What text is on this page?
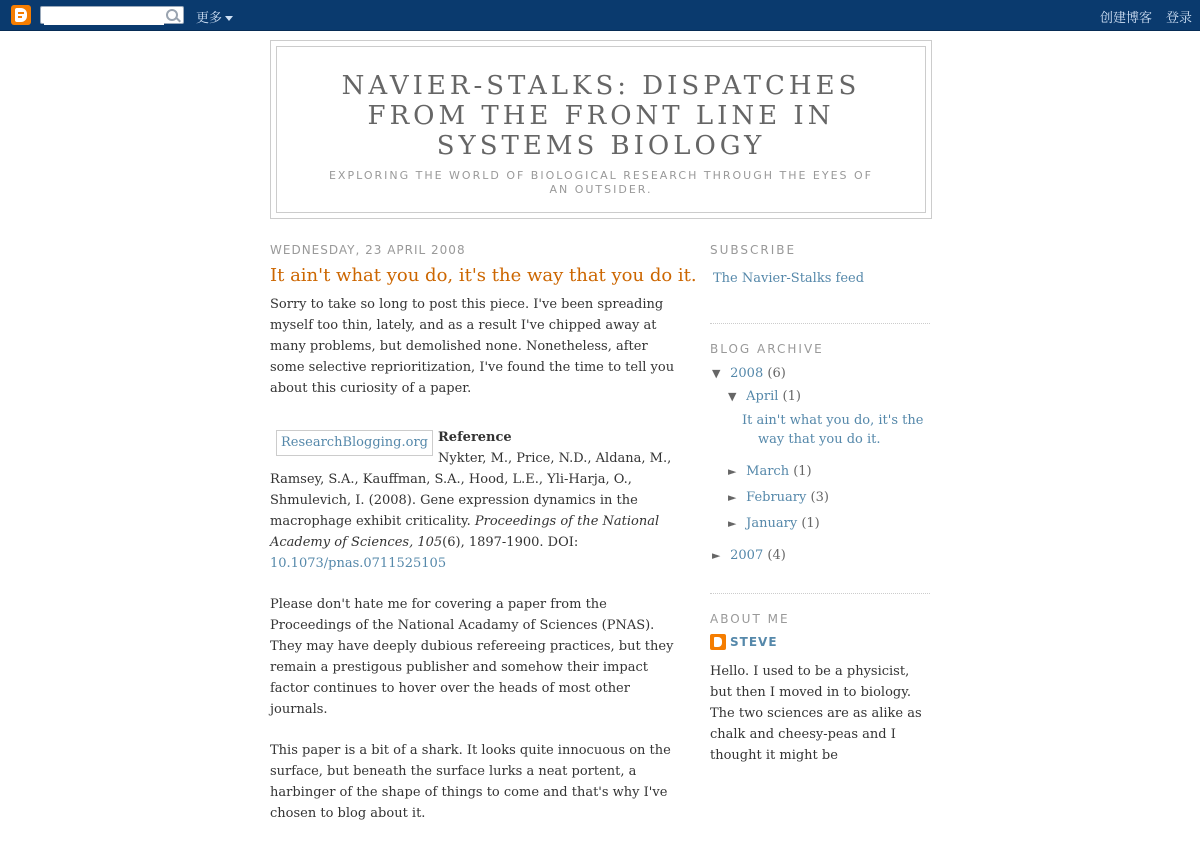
更多	创建博客 登录
NAVIER-STALKS: DISPATCHES FROM THE FRONT LINE IN SYSTEMS BIOLOGY
EXPLORING THE WORLD OF BIOLOGICAL RESEARCH THROUGH THE EYES OF AN OUTSIDER.
WEDNESDAY, 23 APRIL 2008
It ain't what you do, it's the way that you do it.

Sorry to take so long to post this piece. I've been spreading myself too thin, lately, and as a result I've chipped away at many problems, but demolished none. Nonetheless, after some selective reprioritization, I've found the time to tell you about this curiosity of a paper.

ResearchBlogging.org Reference
Nykter, M., Price, N.D., Aldana, M., Ramsey, S.A., Kauffman, S.A., Hood, L.E., Yli-Harja, O., Shmulevich, I. (2008). Gene expression dynamics in the macrophage exhibit criticality. Proceedings of the National Academy of Sciences, 105(6), 1897-1900. DOI: 10.1073/pnas.0711525105

Please don't hate me for covering a paper from the Proceedings of the National Acadamy of Sciences (PNAS). They may have deeply dubious refereeing practices, but they remain a prestigous publisher and somehow their impact factor continues to hover over the heads of most other journals.

This paper is a bit of a shark. It looks quite innocuous on the surface, but beneath the surface lurks a neat portent, a harbinger of the shape of things to come and that's why I've chosen to blog about it.

SUBSCRIBE
The Navier-Stalks feed
BLOG ARCHIVE
▼ 2008 (6)
▼ April (1)
It ain't what you do, it's the way that you do it.
► March (1)
► February (3)
► January (1)
► 2007 (4)
ABOUT ME
STEVE
Hello. I used to be a physicist, but then I moved in to biology. The two sciences are as alike as chalk and cheesy-peas and I thought it might be
